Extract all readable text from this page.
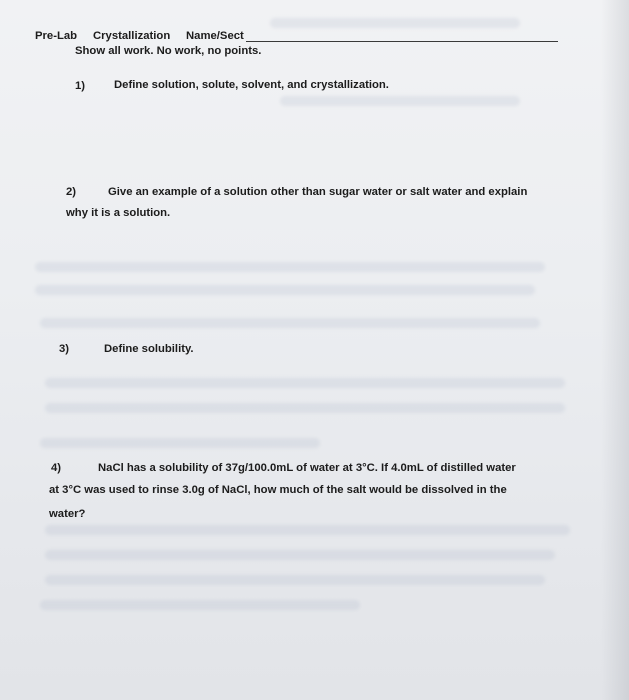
Pre-Lab Crystallization Name/Sect
Show all work. No work, no points.
1)	Define solution, solute, solvent, and crystallization.
2)	Give an example of a solution other than sugar water or salt water and explain
why it is a solution.
3)	Define solubility.
4)	NaCl has a solubility of 37g/100.0mL of water at 3°C. If 4.0mL of distilled water
at 3°C was used to rinse 3.0g of NaCl, how much of the salt would be dissolved in the
water?
